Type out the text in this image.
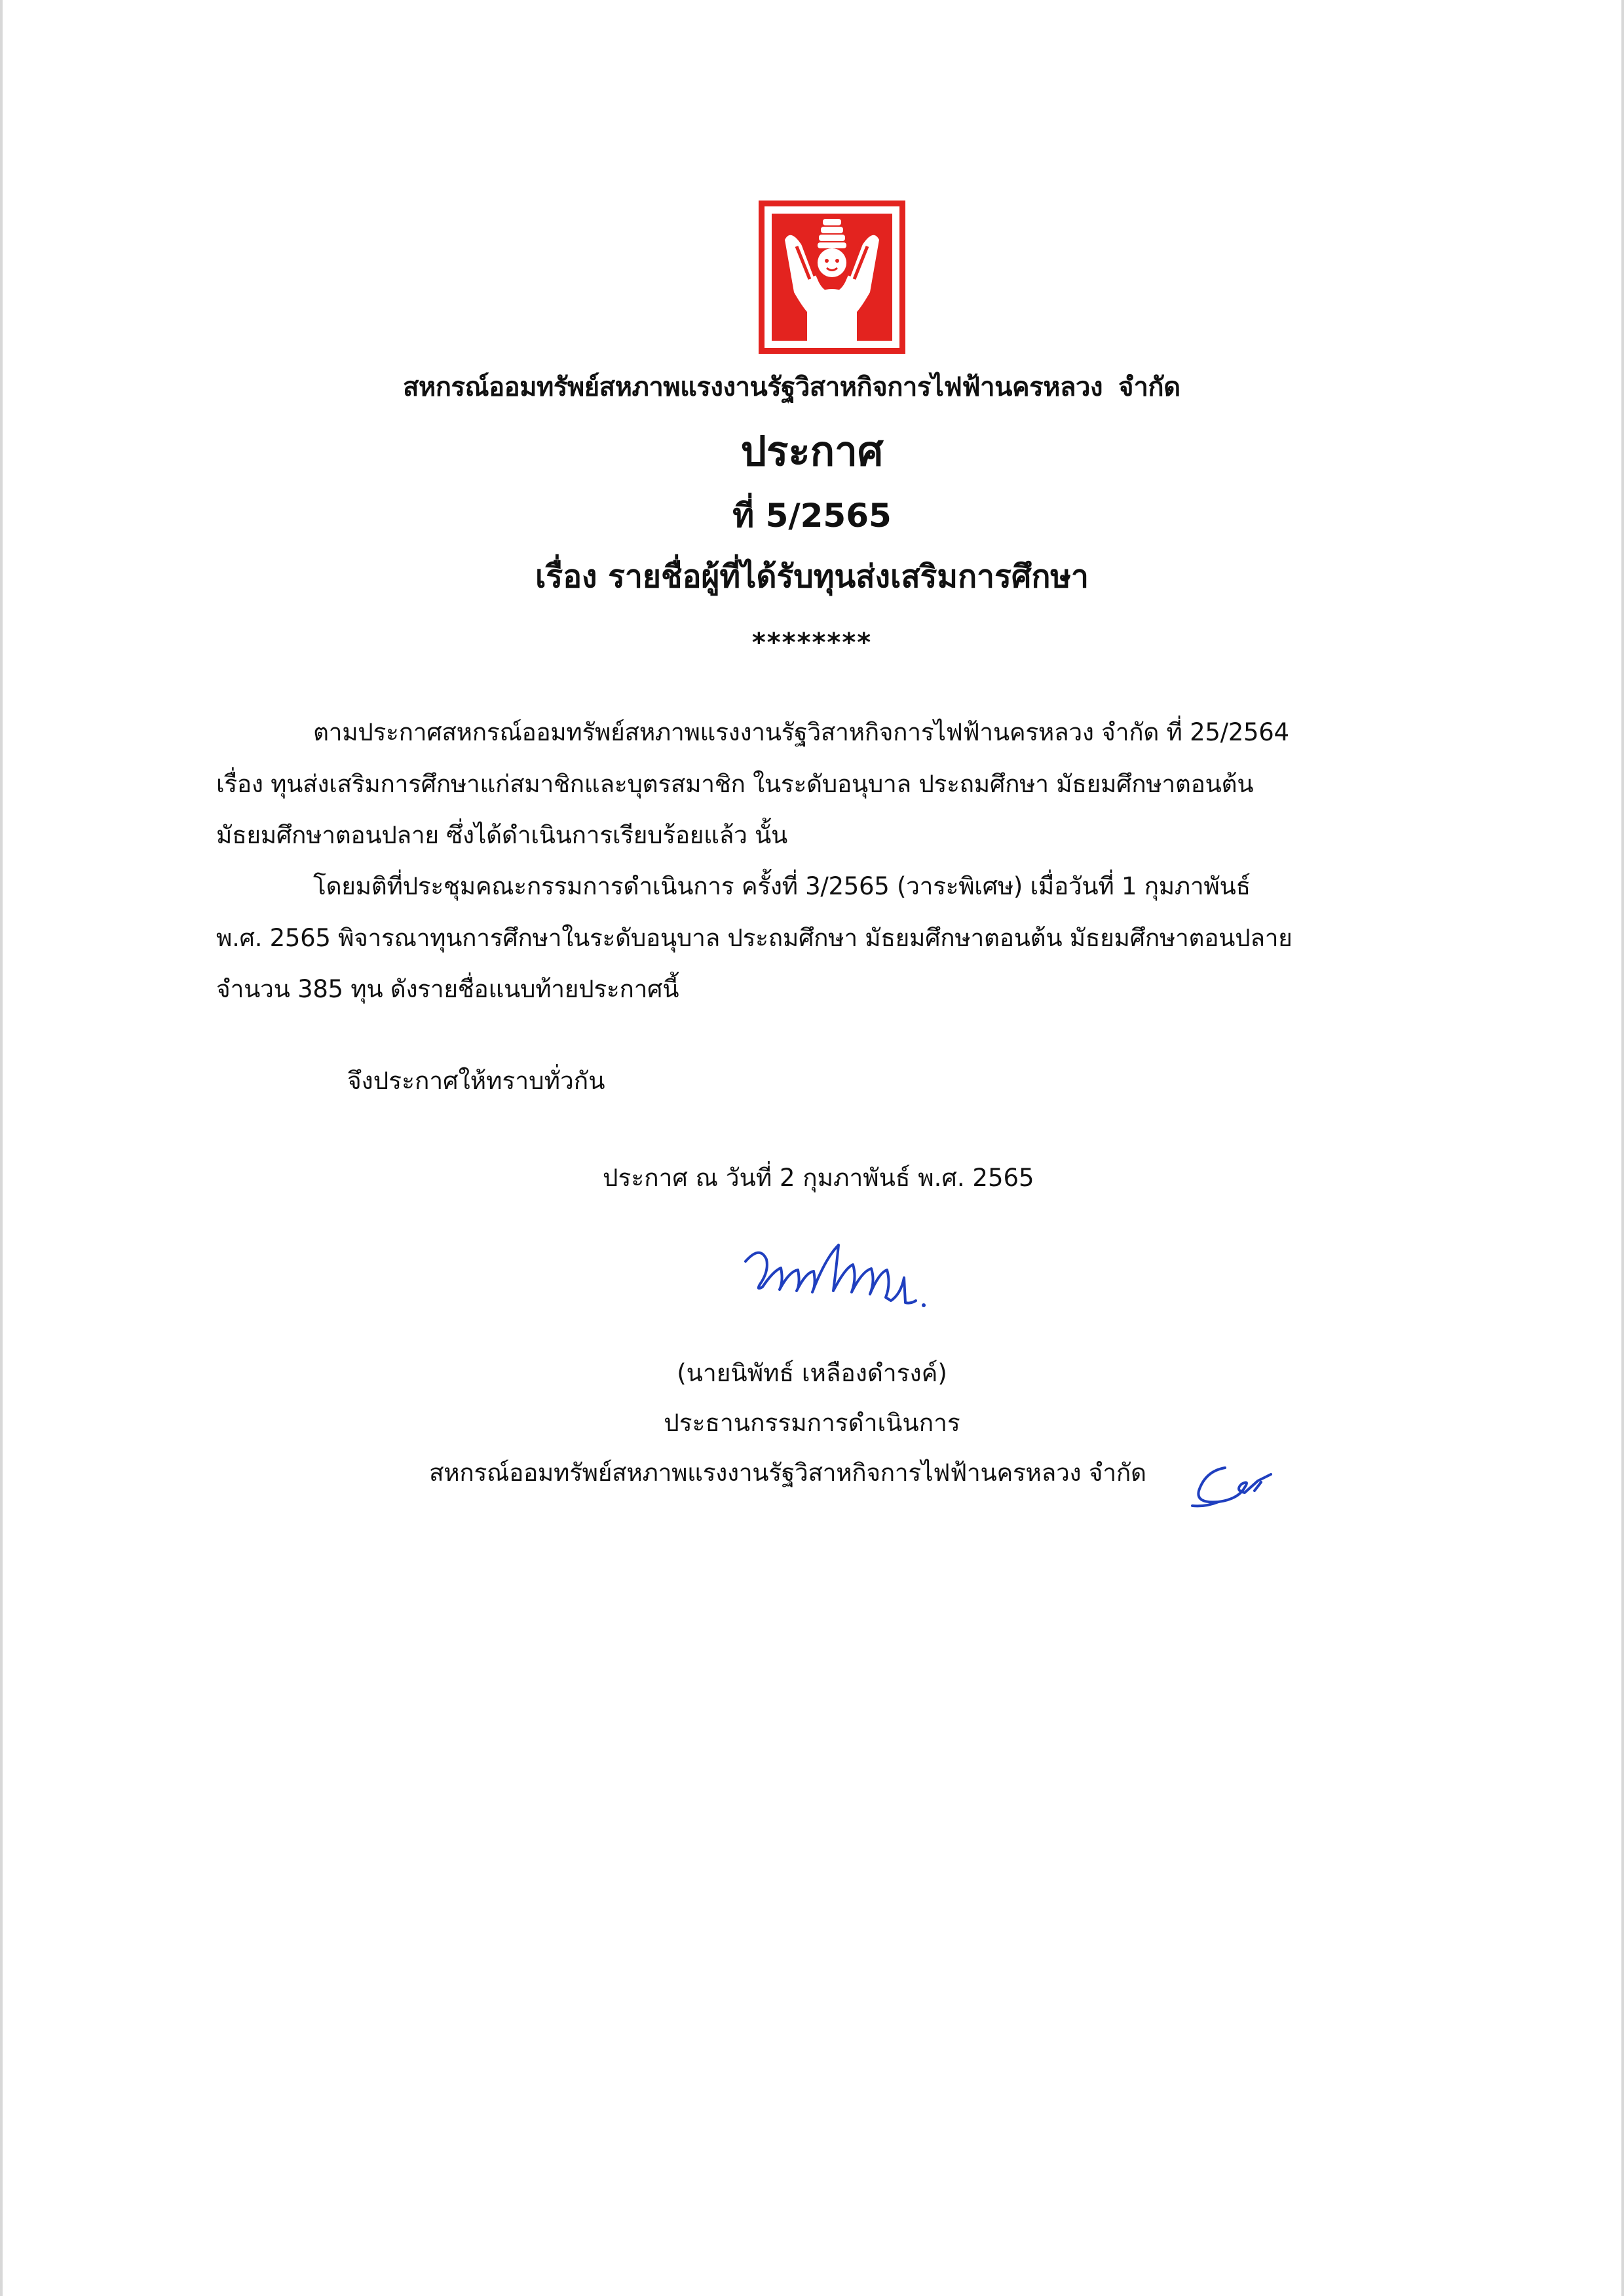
สหกรณ์ออมทรัพย์สหภาพแรงงานรัฐวิสาหกิจการไฟฟ้านครหลวง จำกัด
ประกาศ
ที่ 5/2565
เรื่อง รายชื่อผู้ที่ได้รับทุนส่งเสริมการศึกษา
********
ตามประกาศสหกรณ์ออมทรัพย์สหภาพแรงงานรัฐวิสาหกิจการไฟฟ้านครหลวง จำกัด ที่ 25/2564
เรื่อง ทุนส่งเสริมการศึกษาแก่สมาชิกและบุตรสมาชิก ในระดับอนุบาล ประถมศึกษา มัธยมศึกษาตอนต้น
มัธยมศึกษาตอนปลาย ซึ่งได้ดำเนินการเรียบร้อยแล้ว นั้น
โดยมติที่ประชุมคณะกรรมการดำเนินการ ครั้งที่ 3/2565 (วาระพิเศษ) เมื่อวันที่ 1 กุมภาพันธ์
พ.ศ. 2565 พิจารณาทุนการศึกษาในระดับอนุบาล ประถมศึกษา มัธยมศึกษาตอนต้น มัธยมศึกษาตอนปลาย
จำนวน 385 ทุน ดังรายชื่อแนบท้ายประกาศนี้
จึงประกาศให้ทราบทั่วกัน
ประกาศ ณ วันที่ 2 กุมภาพันธ์ พ.ศ. 2565
(นายนิพัทธ์ เหลืองดำรงค์)
ประธานกรรมการดำเนินการ
สหกรณ์ออมทรัพย์สหภาพแรงงานรัฐวิสาหกิจการไฟฟ้านครหลวง จำกัด
